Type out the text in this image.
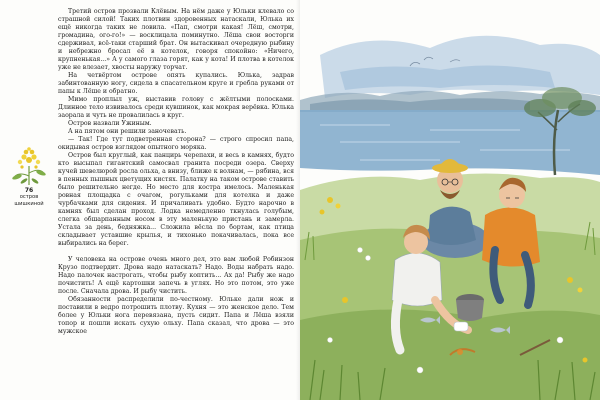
Третий остров прозвали Клёвым. На нём даже у Юльки клевало со страшной силой! Таких плотвин здоровенных натаскали, Юлька их ещё никогда таких не ловила. «Пап, смотри какая! Лёш, смотри, громадина, ого-го!» — восклицала поминутно. Лёша свои восторги сдерживал, всё-таки старший брат. Он вытаскивал очередную рыбину и небрежно бросал её в котелок, говоря спокойно: «Ничего, крупненькая...» А у самого глаза горят, как у кота! И плотва в котелок уже не влезает, хвосты наружу торчат.

На четвёртом острове опять купались. Юлька, задрав забинтованную ногу, сидела в спасательном круге и гребла руками от папы к Лёше и обратно.

Мимо проплыл уж, выставив голову с жёлтыми полосками. Длинное тело извивалось среди кувшинок, как мокрая верёвка. Юлька заорала и чуть не провалилась в круг.

Остров назвали Ужиным.

А на пятом они решили заночевать.

— Так! Где тут подветренная сторона? — строго спросил папа, окидывая остров взглядом опытного моряка.

Остров был круглый, как панцирь черепахи, и весь в камнях, будто кто высыпал гигантский самосвал гранита посреди озера. Сверху кучей шевелюрой росла ольха, а внизу, ближе к волнам, — рябина, вся в пенных пышных цветущих кистях. Палатку на таком острове ставить было решительно негде. Но место для костра имелось. Маленькая ровная площадка с очагом, рогульками для котелка и даже чурбачками для сидения. И причаливать удобно. Будто нарочно в камнях был сделан проход. Лодка немедленно ткнулась голубым, слегка обшарпанным носом в эту маленькую пристань и замерла. Устала за день, бедняжка... Сложила вёсла по бортам, как птица складывает уставшие крылья, и тихонько покачивалась, пока все выбирались на берег.

У человека на острове очень много дел, это вам любой Робинзон Крузо подтвердит. Дрова надо натаскать? Надо. Воды набрать надо. Надо палочек настрогать, чтобы рыбу коптить... Ах да! Рыбу же надо почистить! А ещё картошки запечь в углях. Но это потом, это уже после. Сначала дрова. И рыбу чистить.

Обязанности распределили по-честному. Юльке дали нож и поставили в ведро потрошить плотву. Кухня — это женское дело. Тем более у Юльки нога перевязана, пусть сидит. Папа и Лёша взяли топор и пошли искать сухую ольху. Папа сказал, что дрова — это мужское

76
остров
шишкиной
